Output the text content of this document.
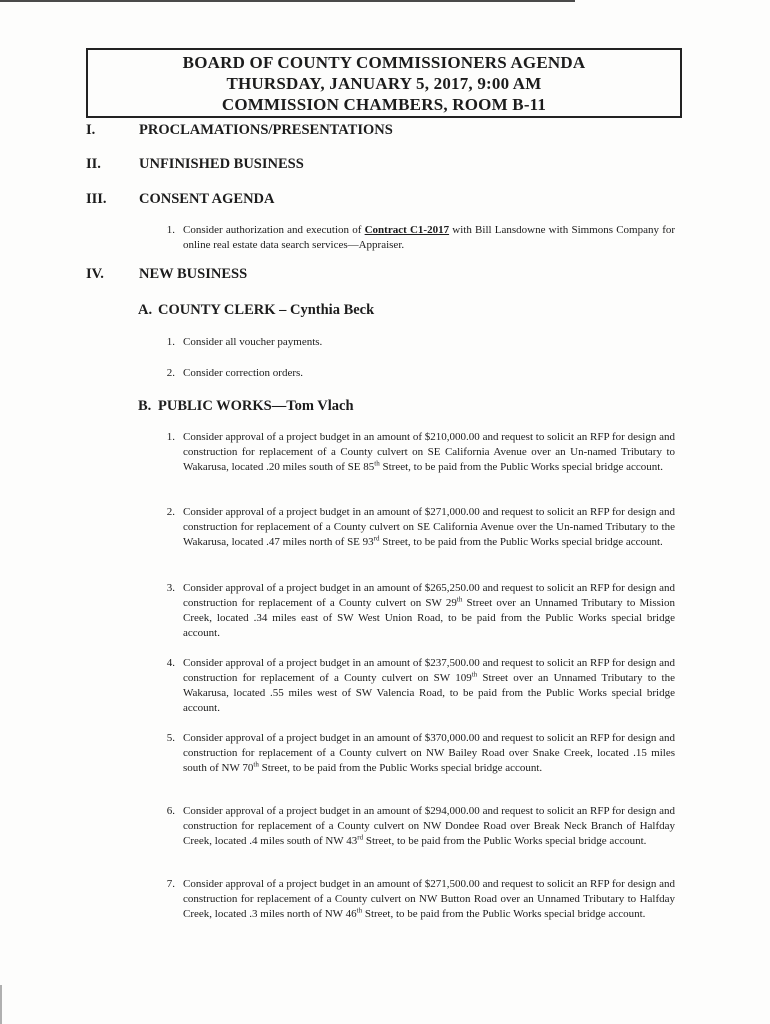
BOARD OF COUNTY COMMISSIONERS AGENDA
THURSDAY, JANUARY 5, 2017, 9:00 AM
COMMISSION CHAMBERS, ROOM B-11
I.	PROCLAMATIONS/PRESENTATIONS
II.	UNFINISHED BUSINESS
III. CONSENT AGENDA
1. Consider authorization and execution of Contract C1-2017 with Bill Lansdowne with Simmons Company for online real estate data search services—Appraiser.
IV. NEW BUSINESS
A. COUNTY CLERK – Cynthia Beck
1. Consider all voucher payments.
2. Consider correction orders.
B. PUBLIC WORKS—Tom Vlach
1. Consider approval of a project budget in an amount of $210,000.00 and request to solicit an RFP for design and construction for replacement of a County culvert on SE California Avenue over an Un-named Tributary to Wakarusa, located .20 miles south of SE 85th Street, to be paid from the Public Works special bridge account.
2. Consider approval of a project budget in an amount of $271,000.00 and request to solicit an RFP for design and construction for replacement of a County culvert on SE California Avenue over the Un-named Tributary to the Wakarusa, located .47 miles north of SE 93rd Street, to be paid from the Public Works special bridge account.
3. Consider approval of a project budget in an amount of $265,250.00 and request to solicit an RFP for design and construction for replacement of a County culvert on SW 29th Street over an Unnamed Tributary to Mission Creek, located .34 miles east of SW West Union Road, to be paid from the Public Works special bridge account.
4. Consider approval of a project budget in an amount of $237,500.00 and request to solicit an RFP for design and construction for replacement of a County culvert on SW 109th Street over an Unnamed Tributary to the Wakarusa, located .55 miles west of SW Valencia Road, to be paid from the Public Works special bridge account.
5. Consider approval of a project budget in an amount of $370,000.00 and request to solicit an RFP for design and construction for replacement of a County culvert on NW Bailey Road over Snake Creek, located .15 miles south of NW 70th Street, to be paid from the Public Works special bridge account.
6. Consider approval of a project budget in an amount of $294,000.00 and request to solicit an RFP for design and construction for replacement of a County culvert on NW Dondee Road over Break Neck Branch of Halfday Creek, located .4 miles south of NW 43rd Street, to be paid from the Public Works special bridge account.
7. Consider approval of a project budget in an amount of $271,500.00 and request to solicit an RFP for design and construction for replacement of a County culvert on NW Button Road over an Unnamed Tributary to Halfday Creek, located .3 miles north of NW 46th Street, to be paid from the Public Works special bridge account.
